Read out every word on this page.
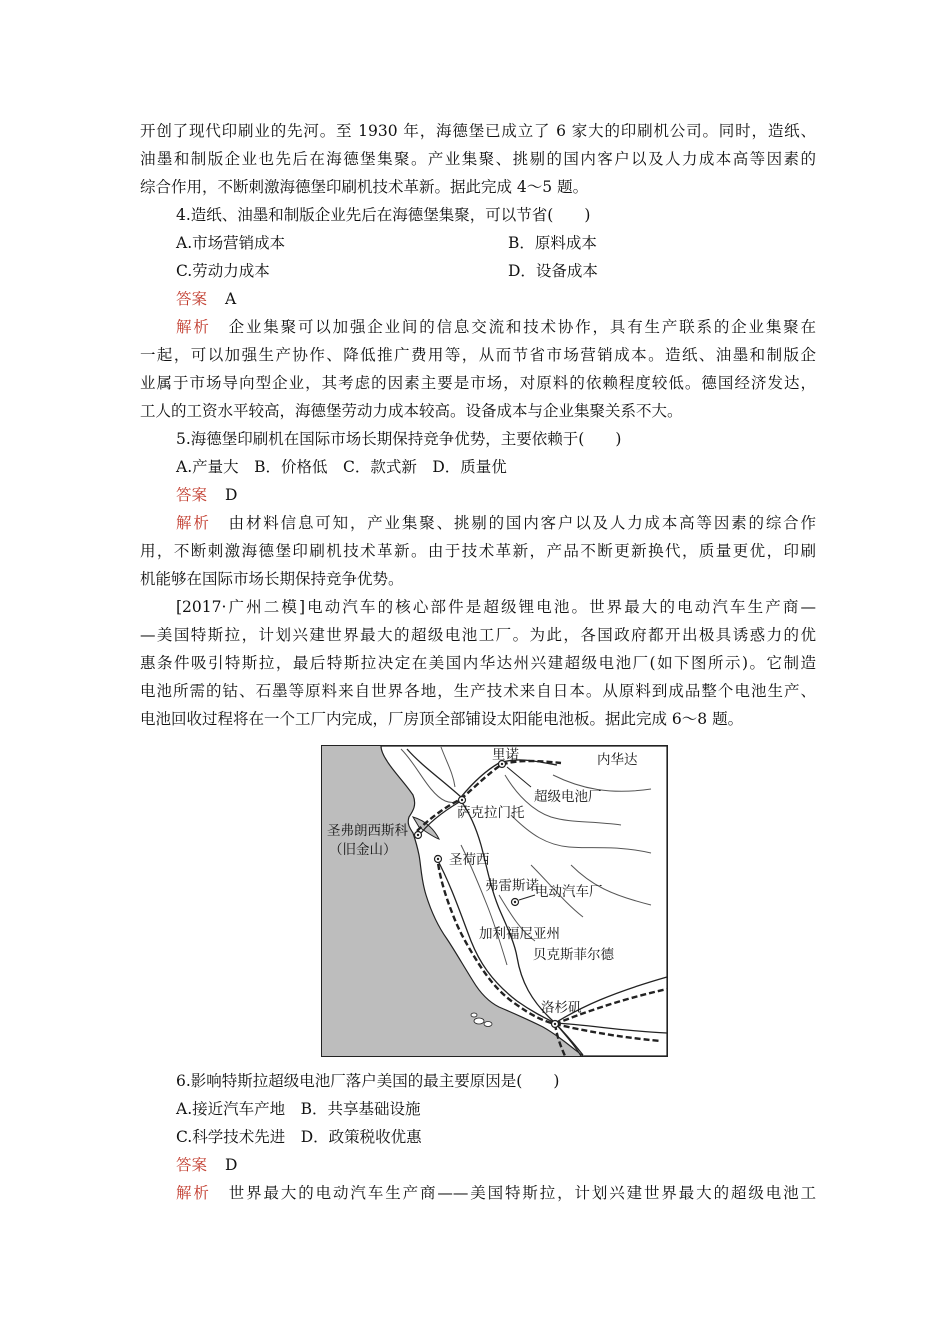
开创了现代印刷业的先河。至 1930 年，海德堡已成立了 6 家大的印刷机公司。同时，造纸、
油墨和制版企业也先后在海德堡集聚。产业集聚、挑剔的国内客户以及人力成本高等因素的
综合作用，不断刺激海德堡印刷机技术革新。据此完成 4～5 题。
4.造纸、油墨和制版企业先后在海德堡集聚，可以节省(　　)
A.市场营销成本	B．原料成本
C.劳动力成本	D．设备成本
答案 A
解析 企业集聚可以加强企业间的信息交流和技术协作，具有生产联系的企业集聚在
一起，可以加强生产协作、降低推广费用等，从而节省市场营销成本。造纸、油墨和制版企
业属于市场导向型企业，其考虑的因素主要是市场，对原料的依赖程度较低。德国经济发达，
工人的工资水平较高，海德堡劳动力成本较高。设备成本与企业集聚关系不大。
5.海德堡印刷机在国际市场长期保持竞争优势，主要依赖于(　　)
A.产量大　B．价格低　C．款式新　D．质量优
答案 D
解析 由材料信息可知，产业集聚、挑剔的国内客户以及人力成本高等因素的综合作
用，不断刺激海德堡印刷机技术革新。由于技术革新，产品不断更新换代，质量更优，印刷
机能够在国际市场长期保持竞争优势。
[2017·广州二模]电动汽车的核心部件是超级锂电池。世界最大的电动汽车生产商—
—美国特斯拉，计划兴建世界最大的超级电池工厂。为此，各国政府都开出极具诱惑力的优
惠条件吸引特斯拉，最后特斯拉决定在美国内华达州兴建超级电池厂(如下图所示)。它制造
电池所需的钴、石墨等原料来自世界各地，生产技术来自日本。从原料到成品整个电池生产、
电池回收过程将在一个工厂内完成，厂房顶全部铺设太阳能电池板。据此完成 6～8 题。
里诺	内华达
超级电池厂
萨克拉门托
圣弗朗西斯科
（旧金山）
圣荷西
弗雷斯诺
电动汽车厂
加利福尼亚州
贝克斯菲尔德
洛杉矶
6.影响特斯拉超级电池厂落户美国的最主要原因是(　　)
A.接近汽车产地　B．共享基础设施
C.科学技术先进　D．政策税收优惠
答案 D
解析 世界最大的电动汽车生产商——美国特斯拉，计划兴建世界最大的超级电池工
